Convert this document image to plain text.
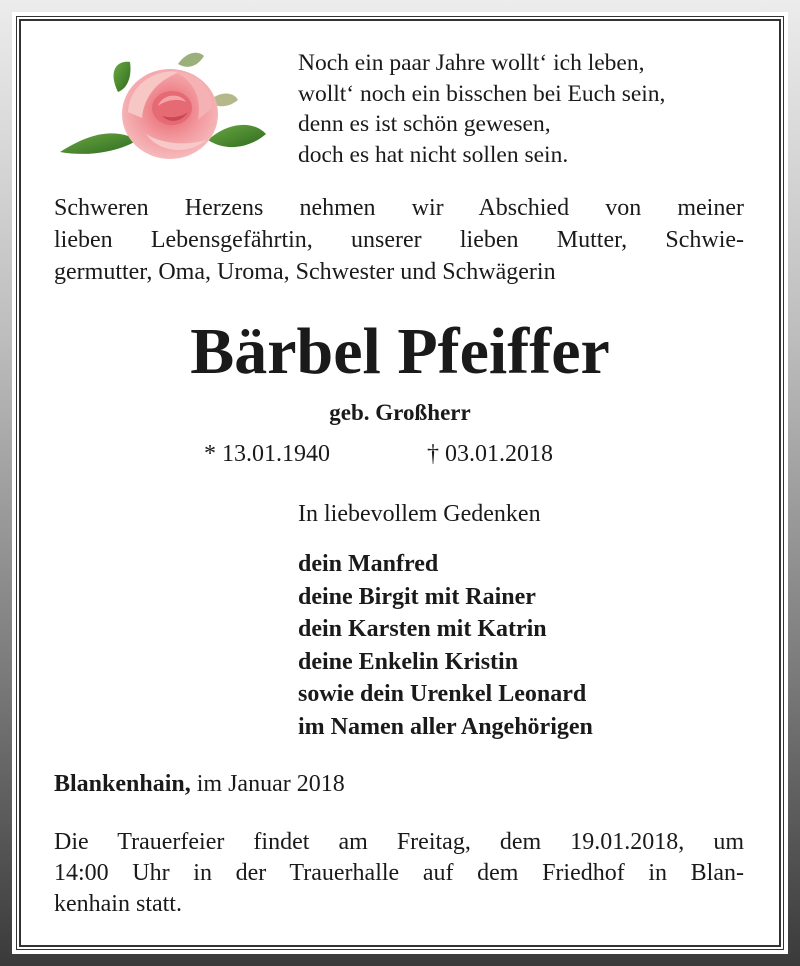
Noch ein paar Jahre wollt‘ ich leben,
wollt‘ noch ein bisschen bei Euch sein,
denn es ist schön gewesen,
doch es hat nicht sollen sein.
Schweren Herzens nehmen wir Abschied von meiner
lieben Lebensgefährtin, unserer lieben Mutter, Schwie-
germutter, Oma, Uroma, Schwester und Schwägerin
Bärbel Pfeiffer
geb. Großherr
* 13.01.1940	† 03.01.2018
In liebevollem Gedenken
dein Manfred
deine Birgit mit Rainer
dein Karsten mit Katrin
deine Enkelin Kristin
sowie dein Urenkel Leonard
im Namen aller Angehörigen
Blankenhain, im Januar 2018
Die Trauerfeier findet am Freitag, dem 19.01.2018, um
14:00 Uhr in der Trauerhalle auf dem Friedhof in Blan-
kenhain statt.
